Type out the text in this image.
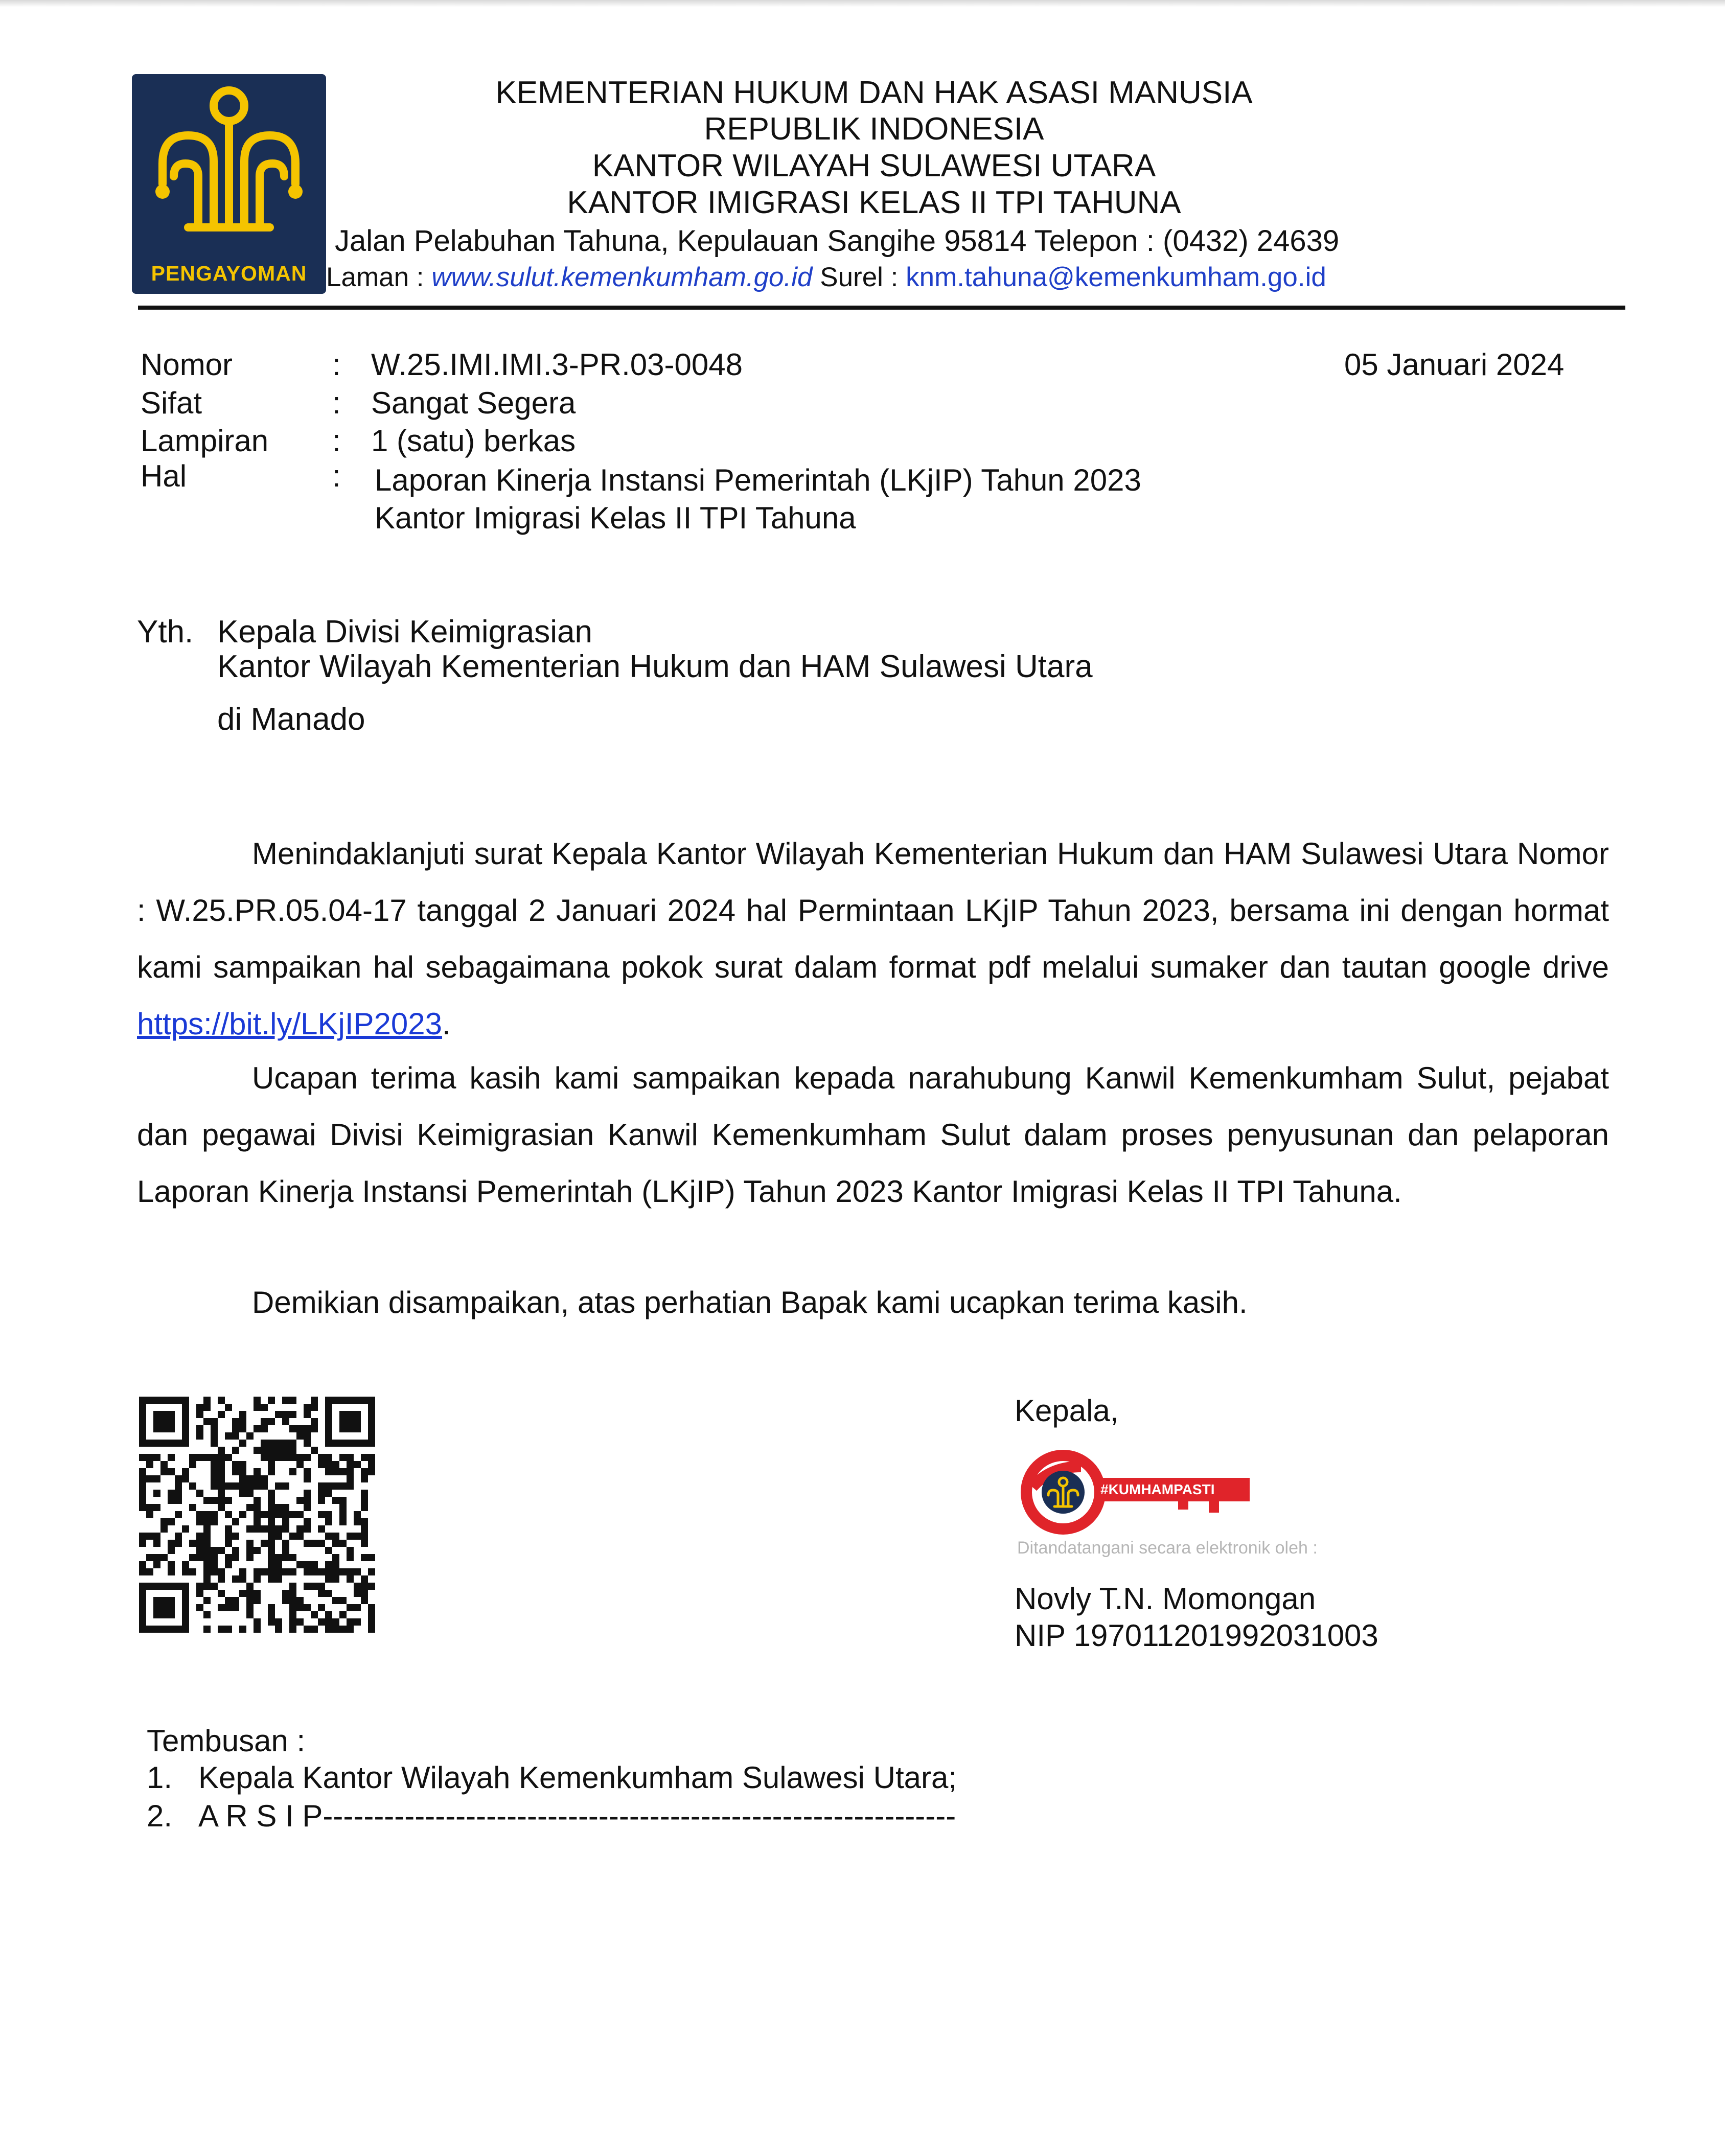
PENGAYOMAN
KEMENTERIAN HUKUM DAN HAK ASASI MANUSIA
REPUBLIK INDONESIA
KANTOR WILAYAH SULAWESI UTARA
KANTOR IMIGRASI KELAS II TPI TAHUNA
Jalan Pelabuhan Tahuna, Kepulauan Sangihe 95814 Telepon : (0432) 24639
Laman : www.sulut.kemenkumham.go.id Surel : knm.tahuna@kemenkumham.go.id
Nomor	: W.25.IMI.IMI.3-PR.03-0048	05 Januari 2024
Sifat	: Sangat Segera
Lampiran : 1 (satu) berkas
Hal	: Laporan Kinerja Instansi Pemerintah (LKjIP) Tahun 2023
Kantor Imigrasi Kelas II TPI Tahuna
Yth. Kepala Divisi Keimigrasian
Kantor Wilayah Kementerian Hukum dan HAM Sulawesi Utara
di Manado
Menindaklanjuti surat Kepala Kantor Wilayah Kementerian Hukum dan HAM Sulawesi Utara Nomor : W.25.PR.05.04-17 tanggal 2 Januari 2024 hal Permintaan LKjIP Tahun 2023, bersama ini dengan hormat kami sampaikan hal sebagaimana pokok surat dalam format pdf melalui sumaker dan tautan google drive https://bit.ly/LKjIP2023.
Ucapan terima kasih kami sampaikan kepada narahubung Kanwil Kemenkumham Sulut, pejabat dan pegawai Divisi Keimigrasian Kanwil Kemenkumham Sulut dalam proses penyusunan dan pelaporan Laporan Kinerja Instansi Pemerintah (LKjIP) Tahun 2023 Kantor Imigrasi Kelas II TPI Tahuna.
Demikian disampaikan, atas perhatian Bapak kami ucapkan terima kasih.
Kepala,
#KUMHAMPASTI
Ditandatangani secara elektronik oleh :
Novly T.N. Momongan
NIP 197011201992031003
Tembusan :
1. Kepala Kantor Wilayah Kemenkumham Sulawesi Utara;
2. A R S I P--------------------------------------------------------------
